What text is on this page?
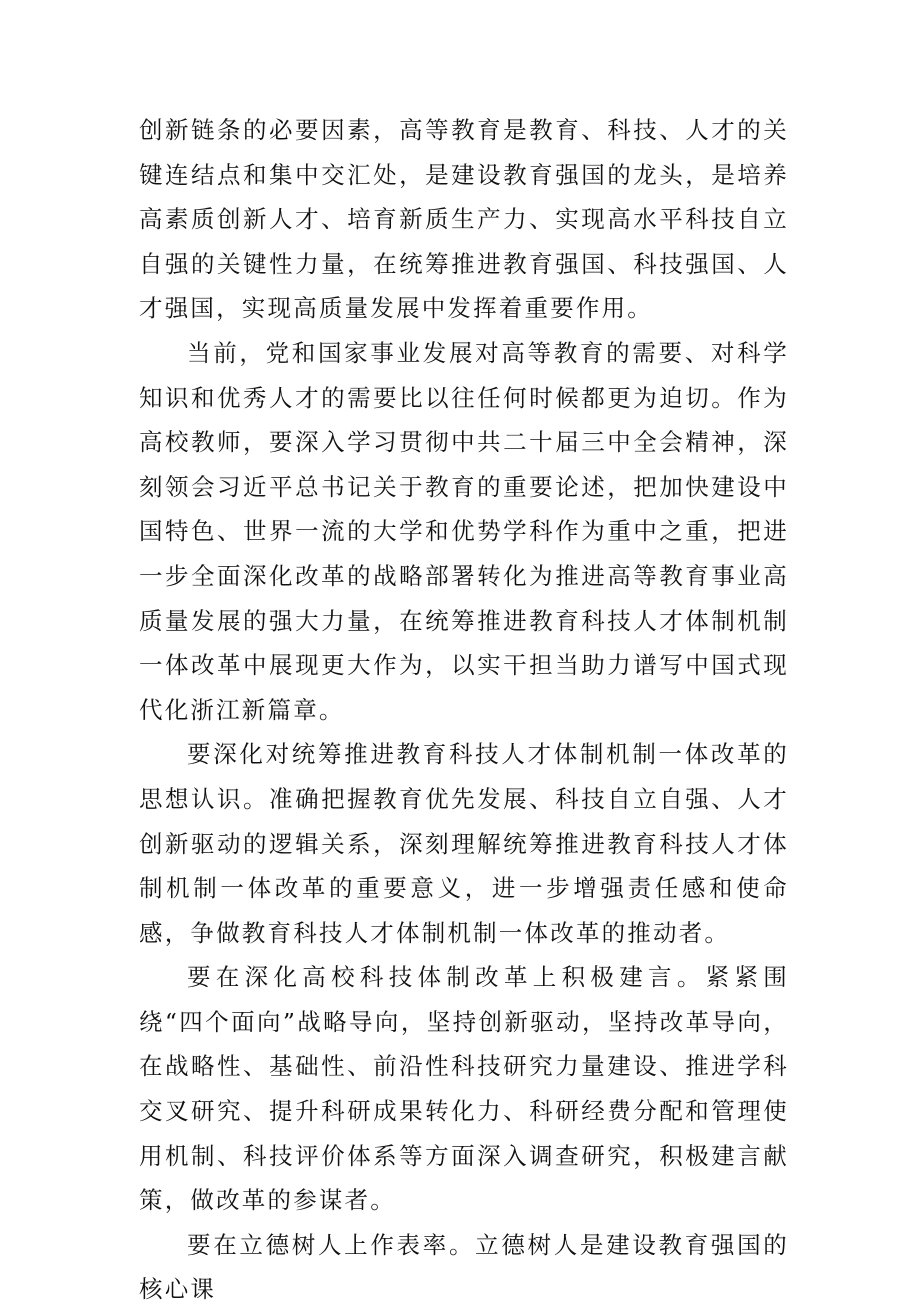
创新链条的必要因素，高等教育是教育、科技、人才的关键连结点和集中交汇处，是建设教育强国的龙头，是培养高素质创新人才、培育新质生产力、实现高水平科技自立自强的关键性力量，在统筹推进教育强国、科技强国、人才强国，实现高质量发展中发挥着重要作用。

当前，党和国家事业发展对高等教育的需要、对科学知识和优秀人才的需要比以往任何时候都更为迫切。作为高校教师，要深入学习贯彻中共二十届三中全会精神，深刻领会习近平总书记关于教育的重要论述，把加快建设中国特色、世界一流的大学和优势学科作为重中之重，把进一步全面深化改革的战略部署转化为推进高等教育事业高质量发展的强大力量，在统筹推进教育科技人才体制机制一体改革中展现更大作为，以实干担当助力谱写中国式现代化浙江新篇章。

要深化对统筹推进教育科技人才体制机制一体改革的思想认识。准确把握教育优先发展、科技自立自强、人才创新驱动的逻辑关系，深刻理解统筹推进教育科技人才体制机制一体改革的重要意义，进一步增强责任感和使命感，争做教育科技人才体制机制一体改革的推动者。

要在深化高校科技体制改革上积极建言。紧紧围绕“四个面向”战略导向，坚持创新驱动，坚持改革导向，在战略性、基础性、前沿性科技研究力量建设、推进学科交叉研究、提升科研成果转化力、科研经费分配和管理使用机制、科技评价体系等方面深入调查研究，积极建言献策，做改革的参谋者。

要在立德树人上作表率。立德树人是建设教育强国的核心课
